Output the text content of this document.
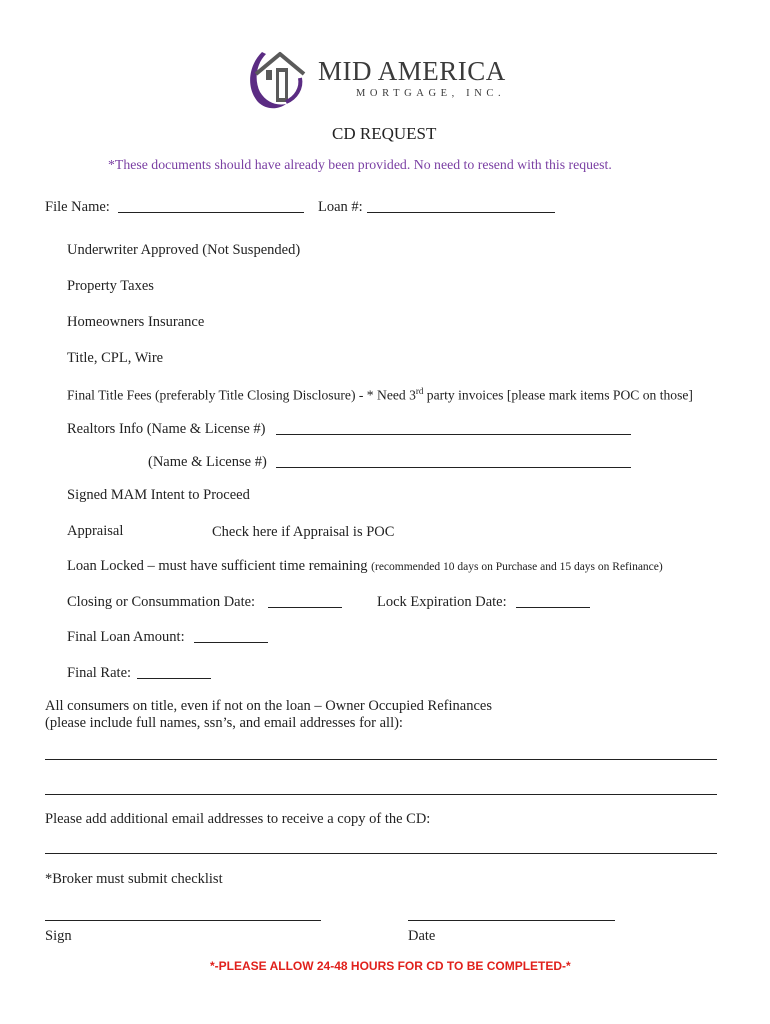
MID AMERICA
MORTGAGE, INC.
CD REQUEST
*These documents should have already been provided. No need to resend with this request.
File Name:	Loan #:
Underwriter Approved (Not Suspended)
Property Taxes
Homeowners Insurance
Title, CPL, Wire
Final Title Fees (preferably Title Closing Disclosure) - * Need 3rd party invoices [please mark items POC on those]
Realtors Info (Name & License #)
(Name & License #)
Signed MAM Intent to Proceed
Appraisal	Check here if Appraisal is POC
Loan Locked – must have sufficient time remaining (recommended 10 days on Purchase and 15 days on Refinance)
Closing or Consummation Date:	Lock Expiration Date:
Final Loan Amount:
Final Rate:
All consumers on title, even if not on the loan – Owner Occupied Refinances
(please include full names, ssn’s, and email addresses for all):
Please add additional email addresses to receive a copy of the CD:
*Broker must submit checklist
Sign	Date
*-PLEASE ALLOW 24-48 HOURS FOR CD TO BE COMPLETED-*
